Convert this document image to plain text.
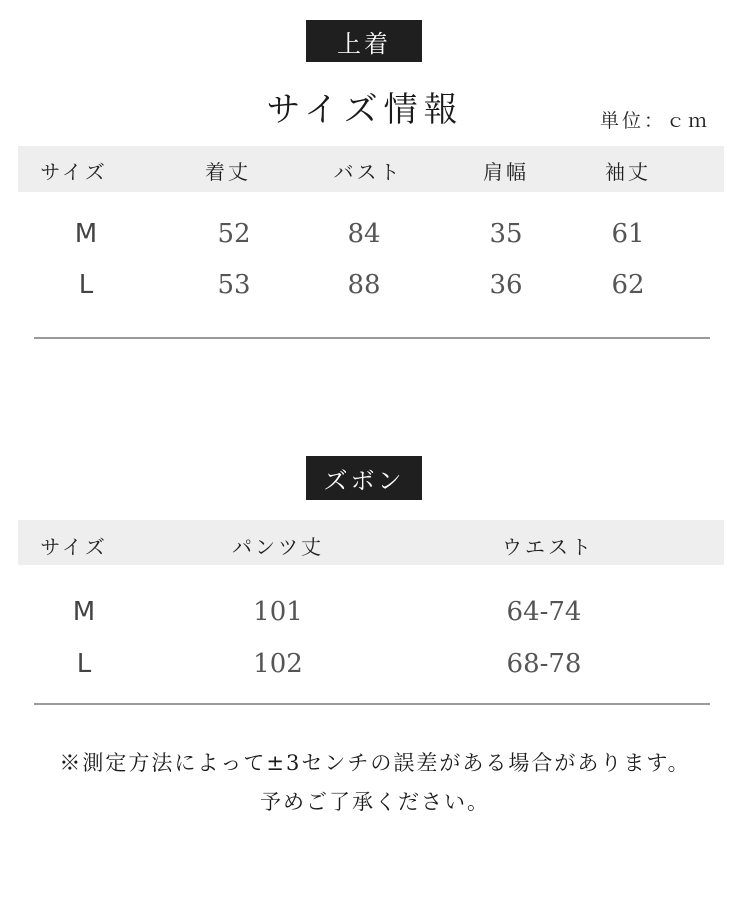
上着
サイズ情報	単位：ｃｍ
サイズ	着丈	バスト	肩幅	袖丈
M	52	84	35	61
L	53	88	36	62
ズボン
サイズ	パンツ丈	ウエスト
M	101	64-74
L	102	68-78
※測定方法によって±3センチの誤差がある場合があります。
予めご了承ください。
